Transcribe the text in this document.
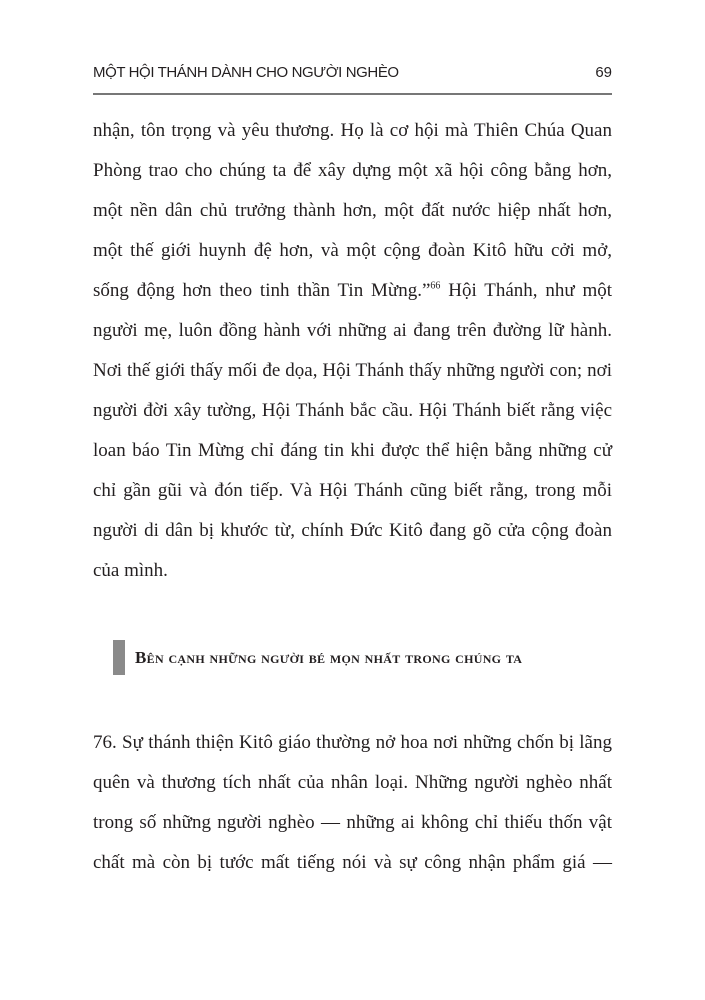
MỘT HỘI THÁNH DÀNH CHO NGƯỜI NGHÈO	69
nhận, tôn trọng và yêu thương. Họ là cơ hội mà Thiên Chúa Quan
Phòng trao cho chúng ta để xây dựng một xã hội công bằng hơn,
một nền dân chủ trưởng thành hơn, một đất nước hiệp nhất hơn,
một thế giới huynh đệ hơn, và một cộng đoàn Kitô hữu cởi mở,
sống động hơn theo tinh thần Tin Mừng.”$^{66}$ Hội Thánh, như một
người mẹ, luôn đồng hành với những ai đang trên đường lữ hành.
Nơi thế giới thấy mối đe dọa, Hội Thánh thấy những người con; nơi
người đời xây tường, Hội Thánh bắc cầu. Hội Thánh biết rằng việc
loan báo Tin Mừng chỉ đáng tin khi được thể hiện bằng những cử
chỉ gần gũi và đón tiếp. Và Hội Thánh cũng biết rằng, trong mỗi
người di dân bị khước từ, chính Đức Kitô đang gõ cửa cộng đoàn
của mình.
Bên cạnh những người bé mọn nhất trong chúng ta
76. Sự thánh thiện Kitô giáo thường nở hoa nơi những chốn bị lãng
quên và thương tích nhất của nhân loại. Những người nghèo nhất
trong số những người nghèo — những ai không chỉ thiếu thốn vật
chất mà còn bị tước mất tiếng nói và sự công nhận phẩm giá —
